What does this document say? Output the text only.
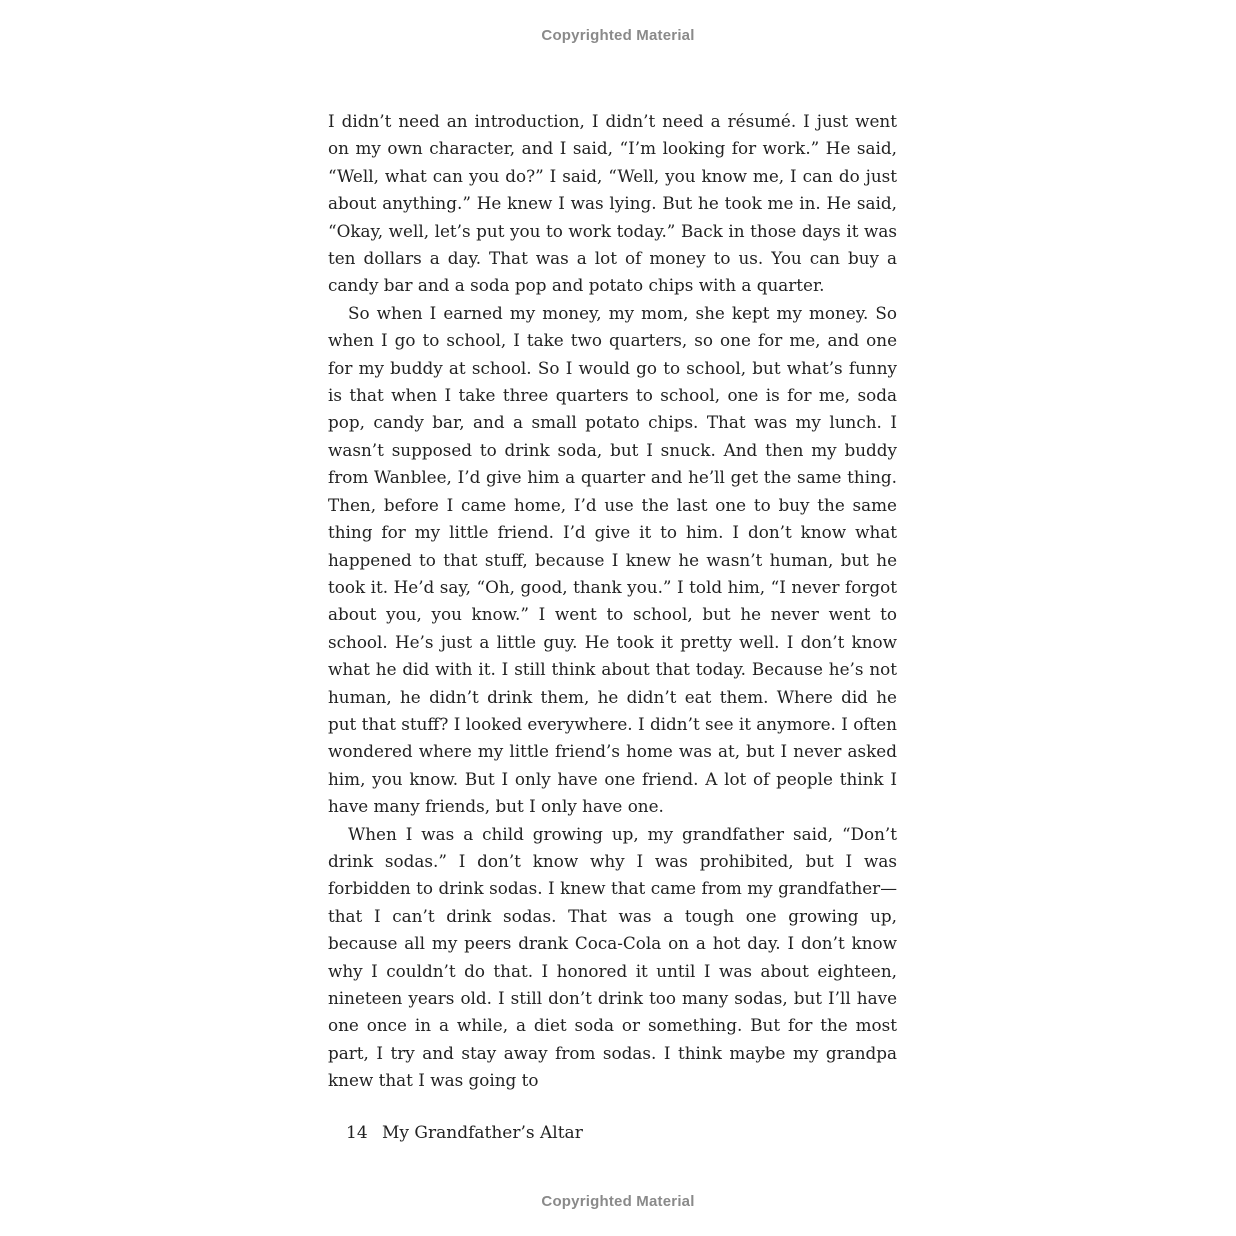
Copyrighted Material

I didn’t need an introduction, I didn’t need a résumé. I just went on my own character, and I said, “I’m looking for work.” He said, “Well, what can you do?” I said, “Well, you know me, I can do just about anything.” He knew I was lying. But he took me in. He said, “Okay, well, let’s put you to work today.” Back in those days it was ten dollars a day. That was a lot of money to us. You can buy a candy bar and a soda pop and potato chips with a quarter.

So when I earned my money, my mom, she kept my money. So when I go to school, I take two quarters, so one for me, and one for my buddy at school. So I would go to school, but what’s funny is that when I take three quarters to school, one is for me, soda pop, candy bar, and a small potato chips. That was my lunch. I wasn’t supposed to drink soda, but I snuck. And then my buddy from Wanblee, I’d give him a quarter and he’ll get the same thing. Then, before I came home, I’d use the last one to buy the same thing for my little friend. I’d give it to him. I don’t know what happened to that stuff, because I knew he wasn’t human, but he took it. He’d say, “Oh, good, thank you.” I told him, “I never forgot about you, you know.” I went to school, but he never went to school. He’s just a little guy. He took it pretty well. I don’t know what he did with it. I still think about that today. Because he’s not human, he didn’t drink them, he didn’t eat them. Where did he put that stuff? I looked everywhere. I didn’t see it anymore. I often wondered where my little friend’s home was at, but I never asked him, you know. But I only have one friend. A lot of people think I have many friends, but I only have one.

When I was a child growing up, my grandfather said, “Don’t drink sodas.” I don’t know why I was prohibited, but I was forbidden to drink sodas. I knew that came from my grandfather—that I can’t drink sodas. That was a tough one growing up, because all my peers drank Coca-Cola on a hot day. I don’t know why I couldn’t do that. I honored it until I was about eighteen, nineteen years old. I still don’t drink too many sodas, but I’ll have one once in a while, a diet soda or something. But for the most part, I try and stay away from sodas. I think maybe my grandpa knew that I was going to

14 My Grandfather’s Altar
Copyrighted Material
